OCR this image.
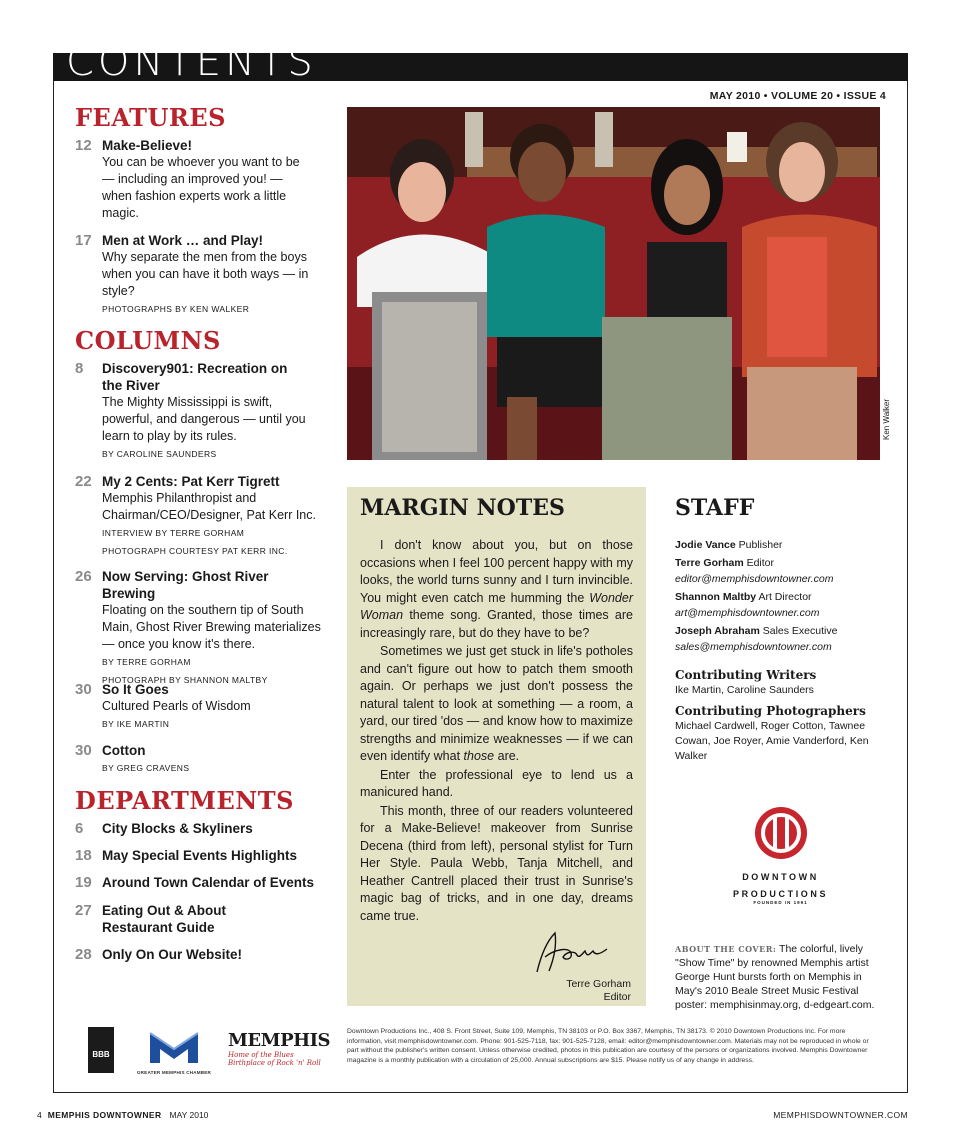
CONTENTS
MAY 2010 • VOLUME 20 • ISSUE 4
FEATURES
12 Make-Believe!
You can be whoever you want to be — including an improved you! — when fashion experts work a little magic.
17 Men at Work … and Play!
Why separate the men from the boys when you can have it both ways — in style?
PHOTOGRAPHS BY KEN WALKER
COLUMNS
8	Discovery901: Recreation on the River
The Mighty Mississippi is swift, powerful, and dangerous — until you learn to play by its rules.
BY CAROLINE SAUNDERS
22 My 2 Cents: Pat Kerr Tigrett
Memphis Philanthropist and Chairman/CEO/Designer, Pat Kerr Inc.
INTERVIEW BY TERRE GORHAM
PHOTOGRAPH COURTESY PAT KERR INC.
26 Now Serving: Ghost River Brewing
Floating on the southern tip of South Main, Ghost River Brewing materializes — once you know it's there.
BY TERRE GORHAM
PHOTOGRAPH BY SHANNON MALTBY
30 So It Goes
Cultured Pearls of Wisdom
BY IKE MARTIN
30 Cotton
BY GREG CRAVENS
DEPARTMENTS
6	City Blocks & Skyliners
18 May Special Events Highlights
19 Around Town Calendar of Events
27 Eating Out & About Restaurant Guide
28 Only On Our Website!
Ken Walker
MARGIN NOTES

I don't know about you, but on those occasions when I feel 100 percent happy with my looks, the world turns sunny and I turn invincible. You might even catch me humming the Wonder Woman theme song. Granted, those times are increasingly rare, but do they have to be?

Sometimes we just get stuck in life's potholes and can't figure out how to patch them smooth again. Or perhaps we just don't possess the natural talent to look at something — a room, a yard, our tired 'dos — and know how to maximize strengths and minimize weaknesses — if we can even identify what those are.

Enter the professional eye to lend us a manicured hand.

This month, three of our readers volunteered for a Make-Believe! makeover from Sunrise Decena (third from left), personal stylist for Turn Her Style. Paula Webb, Tanja Mitchell, and Heather Cantrell placed their trust in Sunrise's magic bag of tricks, and in one day, dreams came true.

Terre Gorham
Editor
STAFF
Jodie Vance Publisher
Terre Gorham Editor
editor@memphisdowntowner.com
Shannon Maltby Art Director
art@memphisdowntowner.com
Joseph Abraham Sales Executive
sales@memphisdowntowner.com
Contributing Writers
Ike Martin, Caroline Saunders
Contributing Photographers
Michael Cardwell, Roger Cotton, Tawnee Cowan, Joe Royer, Amie Vanderford, Ken Walker
DOWNTOWN
PRODUCTIONS
FOUNDED IN 1991
ABOUT THE COVER: The colorful, lively "Show Time" by renowned Memphis artist George Hunt bursts forth on Memphis in May's 2010 Beale Street Music Festival poster: memphisinmay.org, d-edgeart.com.
Downtown Productions Inc., 408 S. Front Street, Suite 109, Memphis, TN 38103 or P.O. Box 3367, Memphis, TN 38173. © 2010 Downtown Productions Inc. For more information, visit memphisdowntowner.com. Phone: 901-525-7118, fax: 901-525-7128, email: editor@memphisdowntowner.com. Materials may not be reproduced in whole or part without the publisher's written consent. Unless otherwise credited, photos in this publication are courtesy of the persons or organizations involved. Memphis Downtowner magazine is a monthly publication with a circulation of 25,000. Annual subscriptions are $15. Please notify us of any change in address.
BBB
GREATER MEMPHIS CHAMBER
MEMPHIS
Home of the Blues
Birthplace of Rock 'n' Roll
4 MEMPHIS DOWNTOWNER MAY 2010	MEMPHISDOWNTOWNER.COM
